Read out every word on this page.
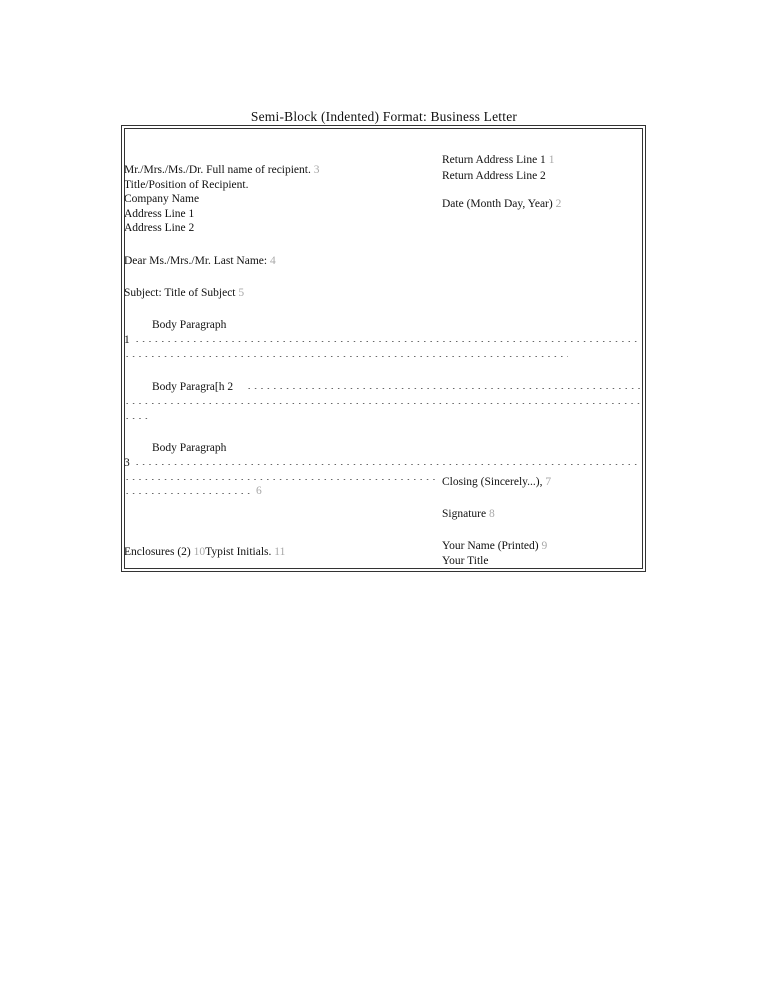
Semi-Block (Indented) Format: Business Letter
Return Address Line 1 1
Return Address Line 2
Date (Month Day, Year) 2
Mr./Mrs./Ms./Dr. Full name of recipient. 3
Title/Position of Recipient.
Company Name
Address Line 1
Address Line 2
Dear Ms./Mrs./Mr. Last Name: 4
Subject: Title of Subject 5
Body Paragraph
1
Body Paragra[h 2
Body Paragraph
3
6
Closing (Sincerely...), 7
Signature 8
Your Name (Printed) 9
Your Title
Enclosures (2) 10Typist Initials. 11
